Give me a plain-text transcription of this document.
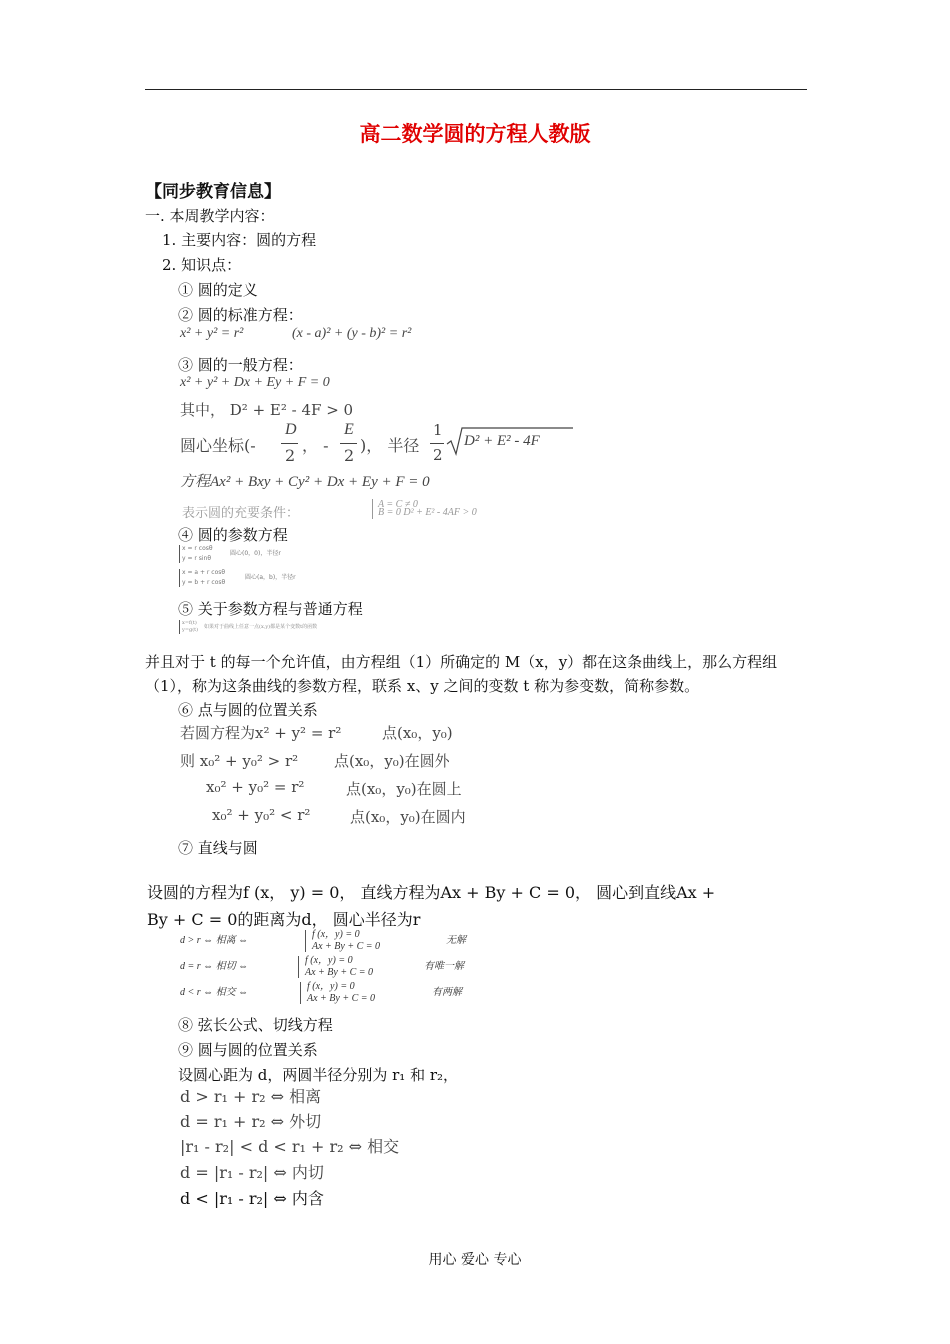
高二数学圆的方程人教版
【同步教育信息】
一. 本周教学内容：
1. 主要内容：圆的方程
2. 知识点：
① 圆的定义
② 圆的标准方程：
x² + y² = r²	(x - a)² + (y - b)² = r²
③ 圆的一般方程：
x² + y² + Dx + Ey + F = 0
其中， D² + E² - 4F > 0
圆心坐标(-
D
2
， -
E
2
)， 半径
1
2
D² + E² - 4F
方程Ax² + Bxy + Cy² + Dx + Ey + F = 0
表示圆的充要条件：
A = C ≠ 0
B = 0 D² + E² - 4AF > 0
④ 圆的参数方程
x = r cosθ
y = r sinθ
圆心(0，0)，半径r
x = a + r cosθ
y = b + r cosθ
圆心(a，b)，半径r
⑤ 关于参数方程与普通方程
x=f(t)
y=g(t) 如果对于曲线上任意一点(x,y)都是某个变数t的函数
并且对于 t 的每一个允许值，由方程组（1）所确定的 M（x，y）都在这条曲线上，那么方程组
（1），称为这条曲线的参数方程，联系 x、y 之间的变数 t 称为参变数，简称参数。
⑥ 点与圆的位置关系
若圆方程为x² + y² = r²	点(x₀，y₀)
则 x₀² + y₀² > r² 点(x₀，y₀)在圆外
x₀² + y₀² = r²	点(x₀，y₀)在圆上
x₀² + y₀² < r²	点(x₀，y₀)在圆内
⑦ 直线与圆
设圆的方程为f (x， y) = 0， 直线方程为Ax + By + C = 0， 圆心到直线Ax +
By + C = 0的距离为d， 圆心半径为r
d > r ⇔ 相离 ⇔
f (x，y) = 0
Ax + By + C = 0
无解
d = r ⇔ 相切 ⇔
f (x，y) = 0
Ax + By + C = 0
有唯一解
d < r ⇔ 相交 ⇔
f (x，y) = 0
Ax + By + C = 0
有两解
⑧ 弦长公式、切线方程
⑨ 圆与圆的位置关系
设圆心距为 d，两圆半径分别为 r₁ 和 r₂，
d > r₁ + r₂ ⇔ 相离
d = r₁ + r₂ ⇔ 外切
|r₁ - r₂| < d < r₁ + r₂ ⇔ 相交
d = |r₁ - r₂| ⇔ 内切
d < |r₁ - r₂| ⇔ 内含
用心 爱心 专心
